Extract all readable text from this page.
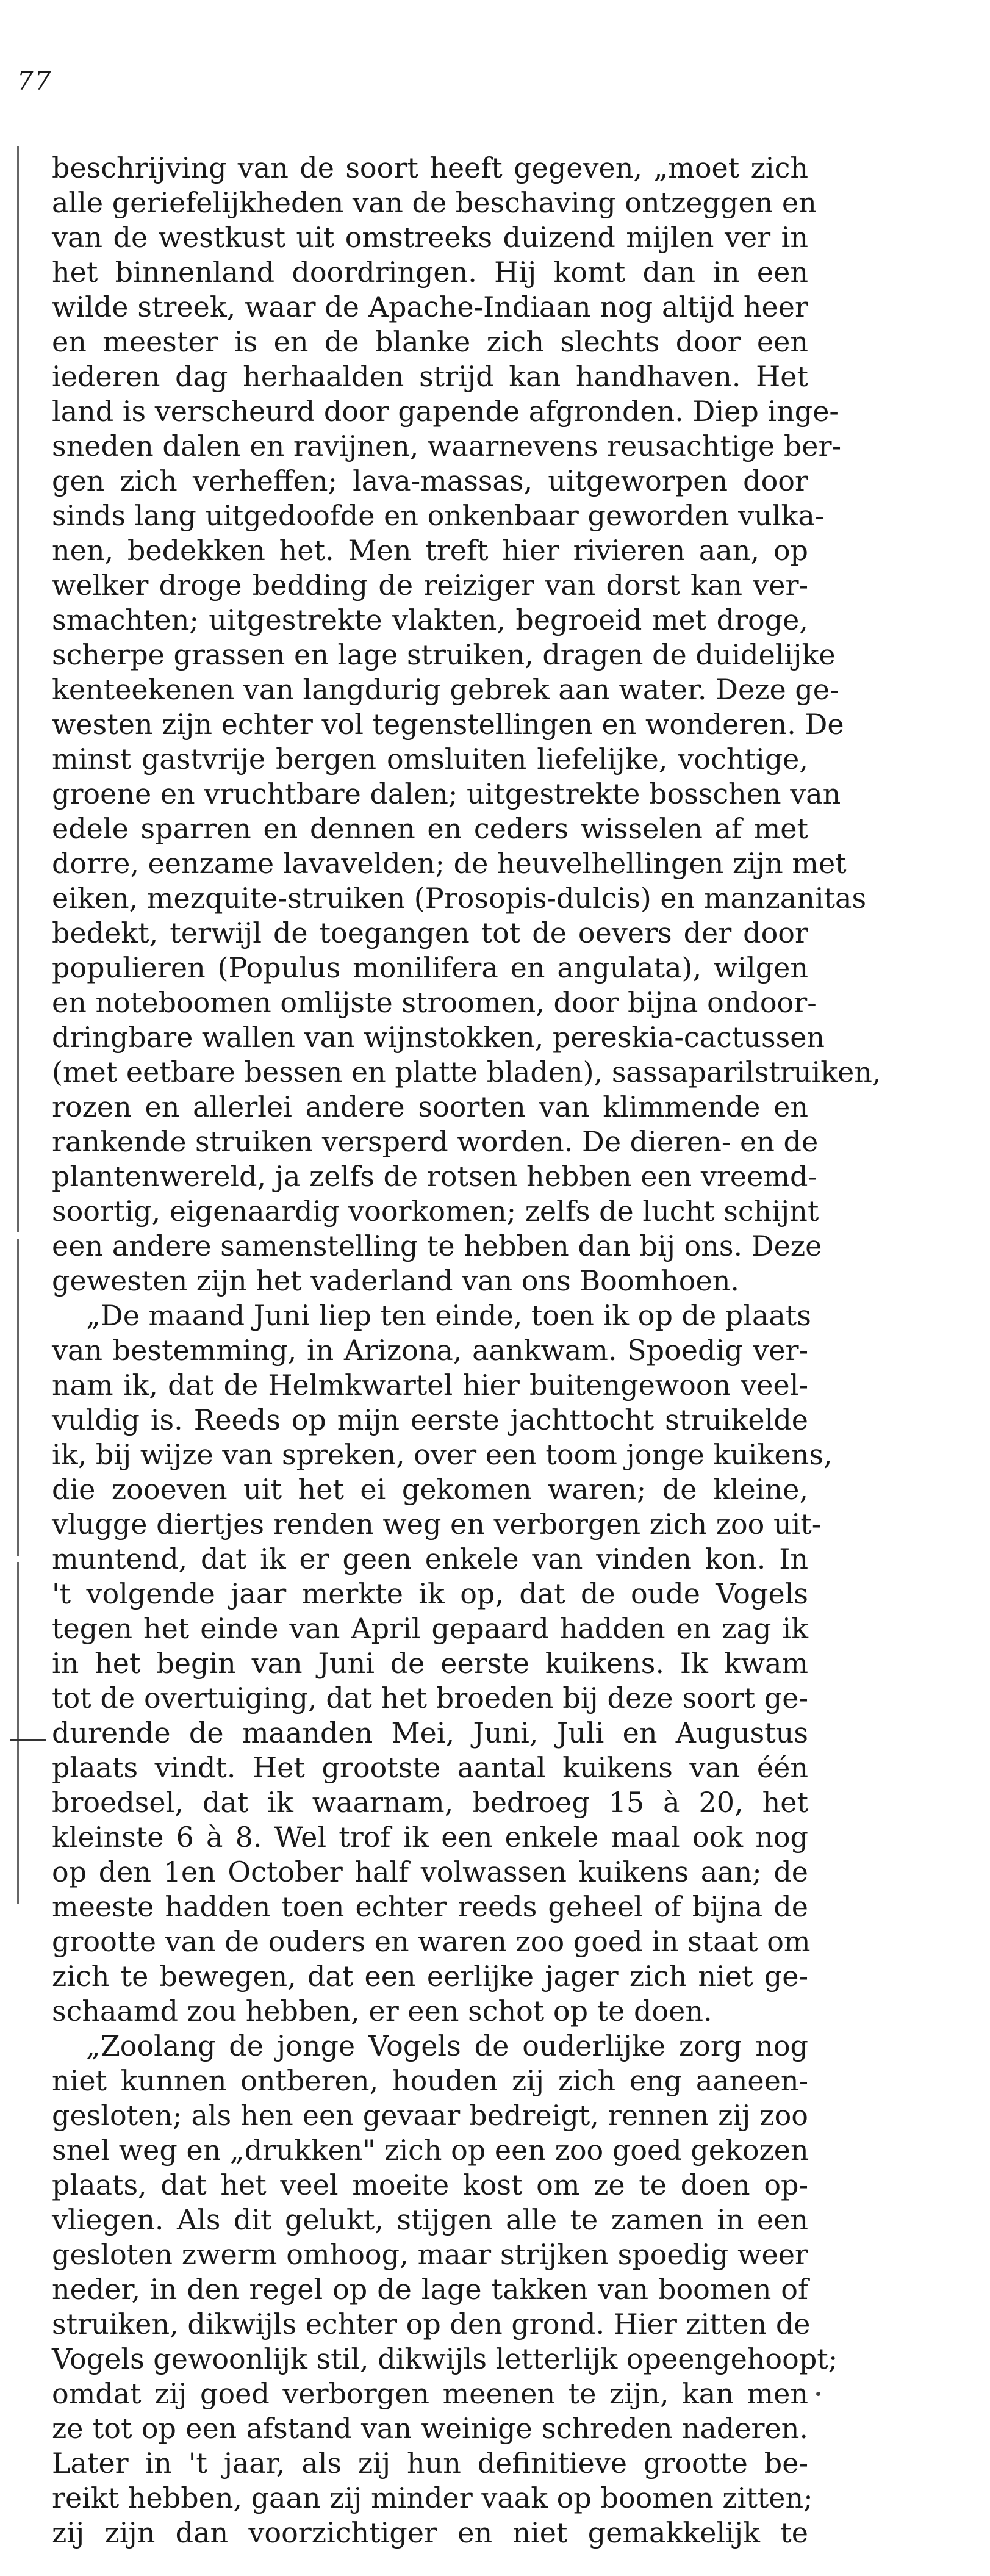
77
beschrijving van de soort heeft gegeven, „moet zich
alle geriefelijkheden van de beschaving ontzeggen en
van de westkust uit omstreeks duizend mijlen ver in
het binnenland doordringen. Hij komt dan in een
wilde streek, waar de Apache-Indiaan nog altijd heer
en meester is en de blanke zich slechts door een
iederen dag herhaalden strijd kan handhaven. Het
land is verscheurd door gapende afgronden. Diep inge-
sneden dalen en ravijnen, waarnevens reusachtige ber-
gen zich verheffen; lava-massas, uitgeworpen door
sinds lang uitgedoofde en onkenbaar geworden vulka-
nen, bedekken het. Men treft hier rivieren aan, op
welker droge bedding de reiziger van dorst kan ver-
smachten; uitgestrekte vlakten, begroeid met droge,
scherpe grassen en lage struiken, dragen de duidelijke
kenteekenen van langdurig gebrek aan water. Deze ge-
westen zijn echter vol tegenstellingen en wonderen. De
minst gastvrije bergen omsluiten liefelijke, vochtige,
groene en vruchtbare dalen; uitgestrekte bosschen van
edele sparren en dennen en ceders wisselen af met
dorre, eenzame lavavelden; de heuvelhellingen zijn met
eiken, mezquite-struiken (Prosopis-dulcis) en manzanitas
bedekt, terwijl de toegangen tot de oevers der door
populieren (Populus monilifera en angulata), wilgen
en noteboomen omlijste stroomen, door bijna ondoor-
dringbare wallen van wijnstokken, pereskia-cactussen
(met eetbare bessen en platte bladen), sassaparilstruiken,
rozen en allerlei andere soorten van klimmende en
rankende struiken versperd worden. De dieren- en de
plantenwereld, ja zelfs de rotsen hebben een vreemd-
soortig, eigenaardig voorkomen; zelfs de lucht schijnt
een andere samenstelling te hebben dan bij ons. Deze
gewesten zijn het vaderland van ons Boomhoen.
„De maand Juni liep ten einde, toen ik op de plaats
van bestemming, in Arizona, aankwam. Spoedig ver-
nam ik, dat de Helmkwartel hier buitengewoon veel-
vuldig is. Reeds op mijn eerste jachttocht struikelde
ik, bij wijze van spreken, over een toom jonge kuikens,
die zooeven uit het ei gekomen waren; de kleine,
vlugge diertjes renden weg en verborgen zich zoo uit-
muntend, dat ik er geen enkele van vinden kon. In
't volgende jaar merkte ik op, dat de oude Vogels
tegen het einde van April gepaard hadden en zag ik
in het begin van Juni de eerste kuikens. Ik kwam
tot de overtuiging, dat het broeden bij deze soort ge-
durende de maanden Mei, Juni, Juli en Augustus
plaats vindt. Het grootste aantal kuikens van één
broedsel, dat ik waarnam, bedroeg 15 à 20, het
kleinste 6 à 8. Wel trof ik een enkele maal ook nog
op den 1en October half volwassen kuikens aan; de
meeste hadden toen echter reeds geheel of bijna de
grootte van de ouders en waren zoo goed in staat om
zich te bewegen, dat een eerlijke jager zich niet ge-
schaamd zou hebben, er een schot op te doen.
„Zoolang de jonge Vogels de ouderlijke zorg nog
niet kunnen ontberen, houden zij zich eng aaneen-
gesloten; als hen een gevaar bedreigt, rennen zij zoo
snel weg en „drukken" zich op een zoo goed gekozen
plaats, dat het veel moeite kost om ze te doen op-
vliegen. Als dit gelukt, stijgen alle te zamen in een
gesloten zwerm omhoog, maar strijken spoedig weer
neder, in den regel op de lage takken van boomen of
struiken, dikwijls echter op den grond. Hier zitten de
Vogels gewoonlijk stil, dikwijls letterlijk opeengehoopt;
omdat zij goed verborgen meenen te zijn, kan men
ze tot op een afstand van weinige schreden naderen.
Later in 't jaar, als zij hun definitieve grootte be-
reikt hebben, gaan zij minder vaak op boomen zitten;
zij zijn dan voorzichtiger en niet gemakkelijk te
